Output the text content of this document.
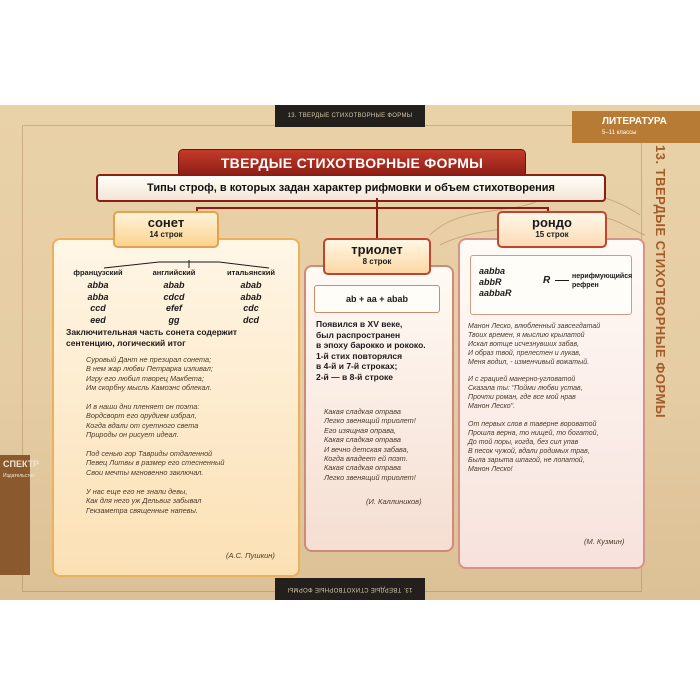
13. ТВЕРДЫЕ СТИХОТВОРНЫЕ ФОРМЫ
13. ТВЕРДЫЕ СТИХОТВОРНЫЕ ФОРМЫ
ЛИТЕРАТУРА
5–11 классы
13. ТВЕРДЫЕ СТИХОТВОРНЫЕ ФОРМЫ
СПЕКТР
Издательство
ТВЕРДЫЕ СТИХОТВОРНЫЕ ФОРМЫ
Типы строф, в которых задан характер рифмовки и объем стихотворения
сонет
14 строк
французский
abba
abba
ccd
eed
английский
abab
cdcd
efef
gg
итальянский
abab
abab
cdc
dcd
Заключительная часть сонета содержит сентенцию, логический итог
Суровый Дант не презирал сонета;
В нем жар любви Петрарка изливал;
Игру его любил творец Макбета;
Им скорбну мысль Камоэнс облекал.

И в наши дни пленяет он поэта:
Вордсворт его орудием избрал,
Когда вдали от суетного света
Природы он рисует идеал.

Под сенью гор Тавриды отдаленной
Певец Литвы в размер его стесненный
Свои мечты мгновенно заключал.

У нас еще его не знали девы,
Как для него уж Дельвиг забывал
Гекзаметра священные напевы.
(А.С. Пушкин)
триолет
8 строк
ab + aa + abab
Появился в XV веке,
был распространен
в эпоху барокко и рококо.
1-й стих повторялся
в 4-й и 7-й строках;
2-й — в 8-й строке
Какая сладкая отрава
Легко звенящий триолет!
Его изящная оправа,
Какая сладкая отрава
И вечно детская забава,
Когда владеет ей поэт.
Какая сладкая отрава
Легко звенящий триолет!
(И. Каллиников)
рондо
15 строк
aabba
abbR
aabbaR
R	нерифмующийся рефрен
Манон Леско, влюбленный завсегдатай
Твоих времен, я мыслию крылатой
Искал вотще исчезнувших забав,
И образ твой, прелестен и лукав,
Меня водил, - изменчивый вожатый.

И с грацией манерно-угловатой
Сказала ты: "Пойми любви устав,
Прочти роман, где все мой нрав
Манон Леско".

От первых слов в таверне вороватой
Прошла верна, то нищей, то богатой,
До той поры, когда, без сил упав
В песок чужой, вдали родимых трав,
Была зарыта шпагой, не лопатой,
Манон Леско!
(М. Кузмин)
